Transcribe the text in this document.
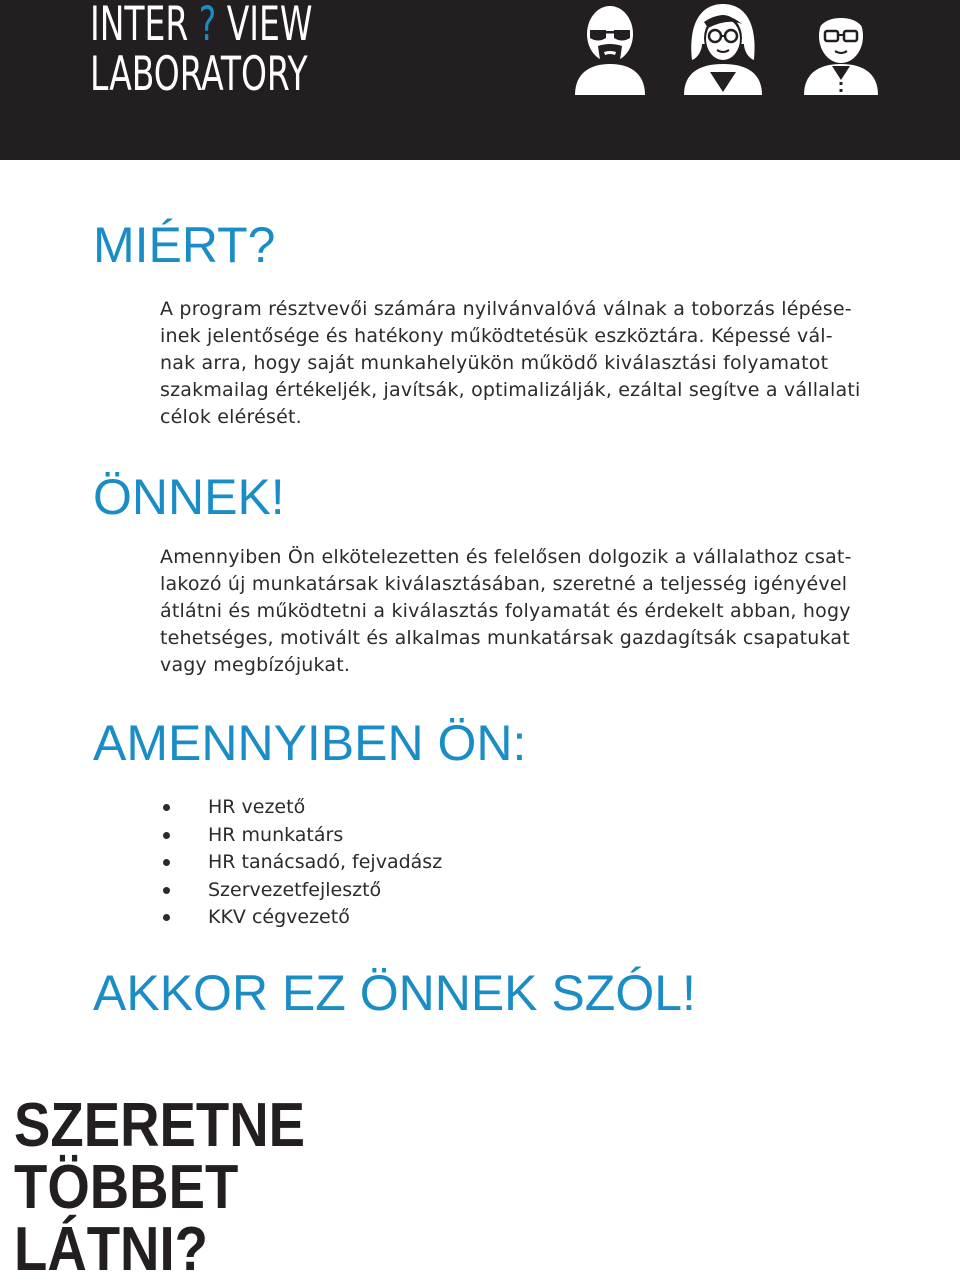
INTER ? VIEW
LABORATORY
MIÉRT?

A program résztvevői számára nyilvánvalóvá válnak a toborzás lépése-
inek jelentősége és hatékony működtetésük eszköztára. Képessé vál-
nak arra, hogy saját munkahelyükön működő kiválasztási folyamatot
szakmailag értékeljék, javítsák, optimalizálják, ezáltal segítve a vállalati
célok elérését.

ÖNNEK!

Amennyiben Ön elkötelezetten és felelősen dolgozik a vállalathoz csat-
lakozó új munkatársak kiválasztásában, szeretné a teljesség igényével
átlátni és működtetni a kiválasztás folyamatát és érdekelt abban, hogy
tehetséges, motivált és alkalmas munkatársak gazdagítsák csapatukat
vagy megbízójukat.

AMENNYIBEN ÖN:
HR vezető
HR munkatárs
HR tanácsadó, fejvadász
Szervezetfejlesztő
KKV cégvezető
AKKOR EZ ÖNNEK SZÓL!
SZERETNE
TÖBBET
LÁTNI?
